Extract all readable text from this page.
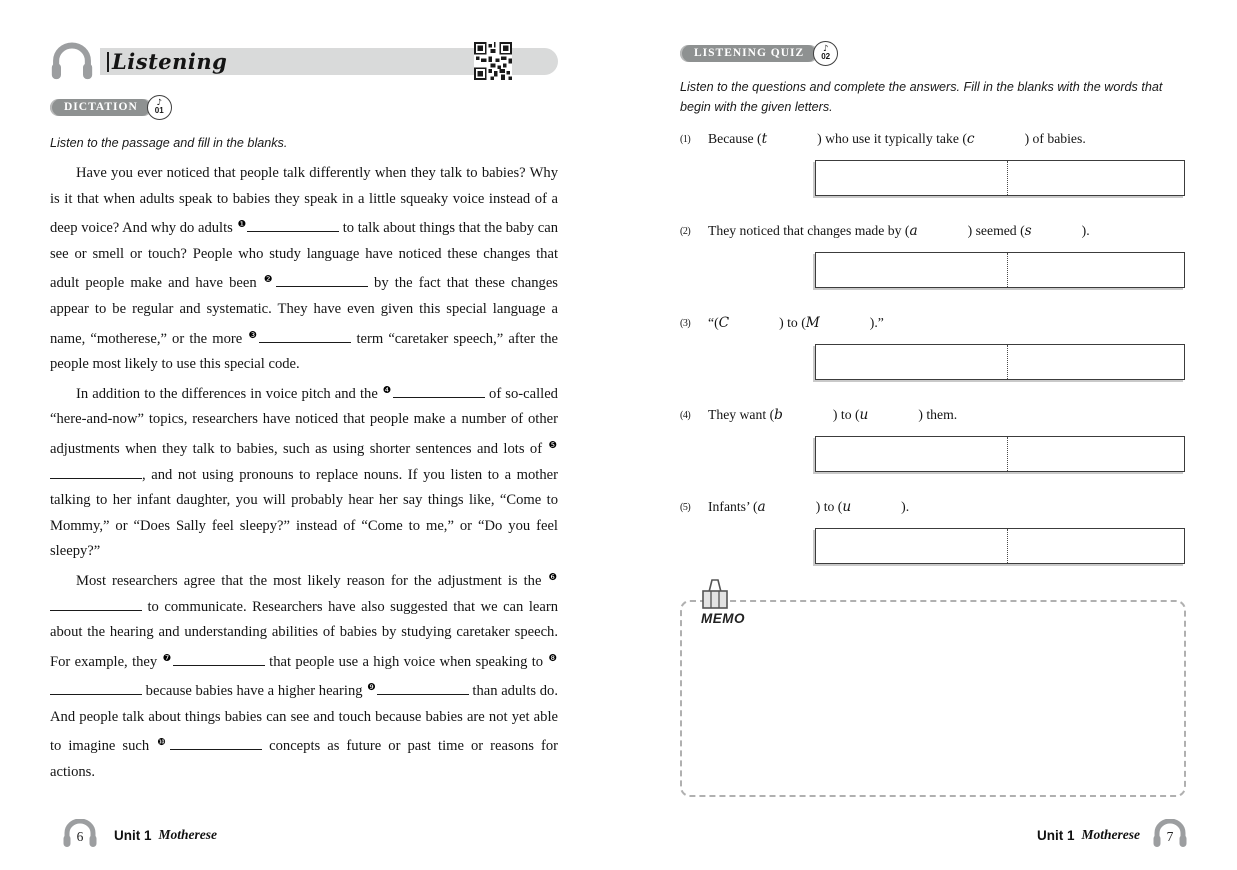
Listening
DICTATION	♪
01
Listen to the passage and fill in the blanks.

Have you ever noticed that people talk differently when they talk to babies? Why is it that when adults speak to babies they speak in a little squeaky voice instead of a deep voice? And why do adults $^❶$	to talk about things that the baby can see or smell or touch? People who study language have noticed these changes that adult people make and have been $^❷$	by the fact that these changes appear to be regular and systematic. They have even given this special language a name, “motherese,” or the more $^❸$	term “caretaker speech,” after the people most likely to use this special code.

In addition to the differences in voice pitch and the $^❹$	of so-called “here-and-now” topics, researchers have noticed that people make a number of other adjustments when they talk to babies, such as using shorter sentences and lots of $^❺$, and not using pronouns to replace nouns. If you listen to a mother talking to her infant daughter, you will probably hear her say things like, “Come to Mommy,” or “Does Sally feel sleepy?” instead of “Come to me,” or “Do you feel sleepy?”

Most researchers agree that the most likely reason for the adjustment is the $^❻$ to communicate. Researchers have also suggested that we can learn about the hearing and understanding abilities of babies by studying caretaker speech. For example, they $^❼$	that people use a high voice when speaking to $^❽$ because babies have a higher hearing $^❾$	than adults do. And people talk about things babies can see and touch because babies are not yet able to imagine such $^❿$	concepts as future or past time or reasons for actions.

LISTENING QUIZ	♪
02
Listen to the questions and complete the answers. Fill in the blanks with the words that begin with the given letters.
(1) Because (t	) who use it typically take (c	) of babies.
(2) They noticed that changes made by (a	) seemed (s	).
(3) “(C	) to (M	).”
(4) They want (b	) to (u	) them.
(5) Infants’ (a	) to (u	).
MEMO
6	Unit 1 Motherese	Unit 1 Motherese	7
